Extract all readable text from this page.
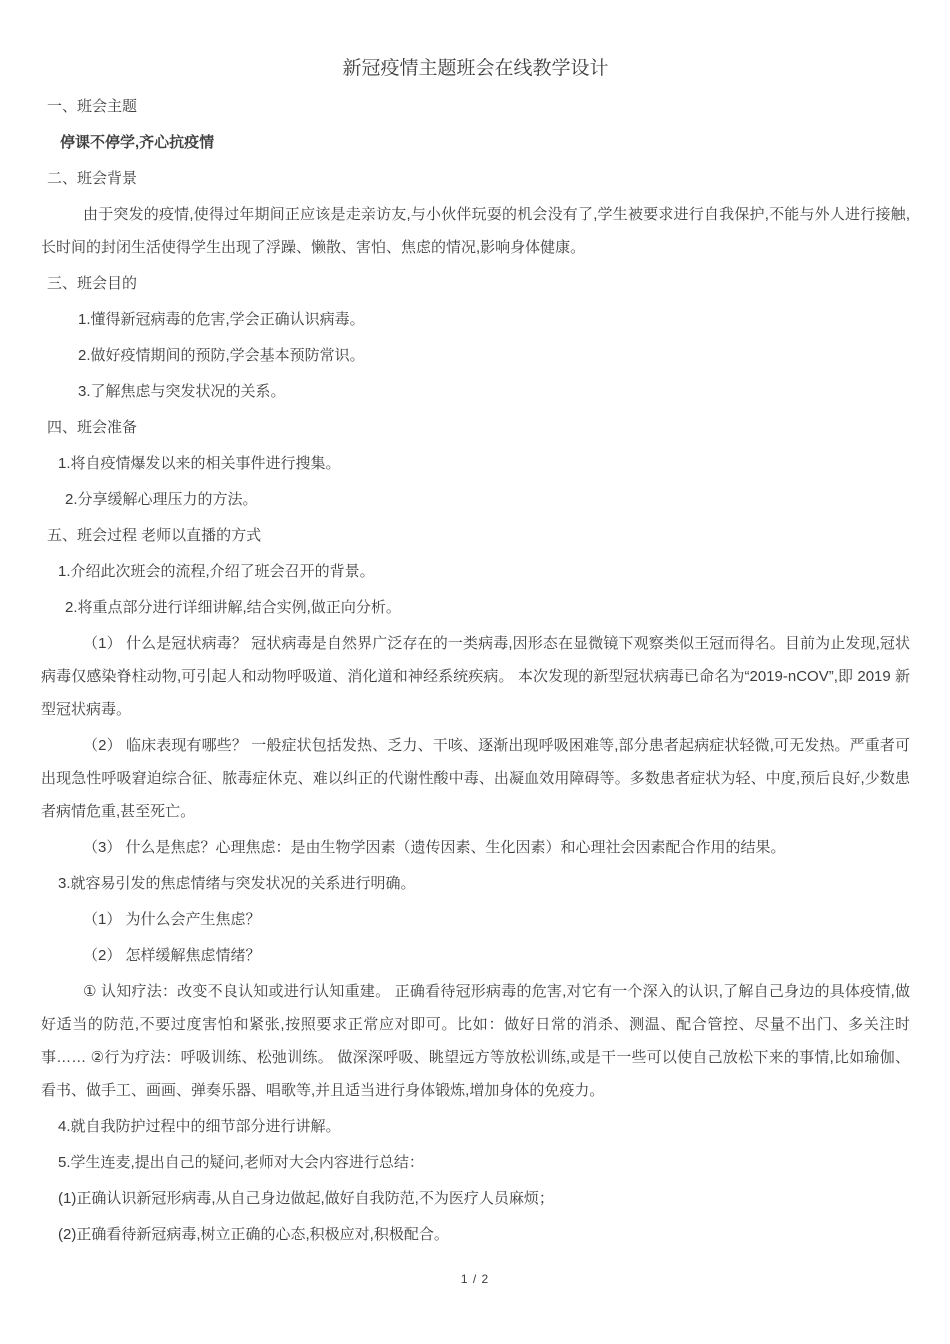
新冠疫情主题班会在线教学设计

一、班会主题

停课不停学,齐心抗疫情

二、班会背景

由于突发的疫情,使得过年期间正应该是走亲访友,与小伙伴玩耍的机会没有了,学生被要求进行自我保护,不能与外人进行接触,长时间的封闭生活使得学生出现了浮躁、懒散、害怕、焦虑的情况,影响身体健康。

三、班会目的

1.懂得新冠病毒的危害,学会正确认识病毒。

2.做好疫情期间的预防,学会基本预防常识。

3.了解焦虑与突发状况的关系。

四、班会准备

1.将自疫情爆发以来的相关事件进行搜集。

2.分享缓解心理压力的方法。

五、班会过程 老师以直播的方式

1.介绍此次班会的流程,介绍了班会召开的背景。

2.将重点部分进行详细讲解,结合实例,做正向分析。

（1） 什么是冠状病毒？ 冠状病毒是自然界广泛存在的一类病毒,因形态在显微镜下观察类似王冠而得名。目前为止发现,冠状病毒仅感染脊柱动物,可引起人和动物呼吸道、消化道和神经系统疾病。 本次发现的新型冠状病毒已命名为“2019-nCOV”,即 2019 新型冠状病毒。

（2） 临床表现有哪些？ 一般症状包括发热、乏力、干咳、逐渐出现呼吸困难等,部分患者起病症状轻微,可无发热。严重者可出现急性呼吸窘迫综合征、脓毒症休克、难以纠正的代谢性酸中毒、出凝血效用障碍等。多数患者症状为轻、中度,预后良好,少数患者病情危重,甚至死亡。

（3） 什么是焦虑？心理焦虑：是由生物学因素（遗传因素、生化因素）和心理社会因素配合作用的结果。

3.就容易引发的焦虑情绪与突发状况的关系进行明确。

（1） 为什么会产生焦虑？

（2） 怎样缓解焦虑情绪？

① 认知疗法：改变不良认知或进行认知重建。 正确看待冠形病毒的危害,对它有一个深入的认识,了解自己身边的具体疫情,做好适当的防范,不要过度害怕和紧张,按照要求正常应对即可。比如：做好日常的消杀、测温、配合管控、尽量不出门、多关注时事…… ②行为疗法：呼吸训练、松弛训练。 做深深呼吸、眺望远方等放松训练,或是干一些可以使自己放松下来的事情,比如瑜伽、看书、做手工、画画、弹奏乐器、唱歌等,并且适当进行身体锻炼,增加身体的免疫力。

4.就自我防护过程中的细节部分进行讲解。

5.学生连麦,提出自己的疑问,老师对大会内容进行总结：

(1)正确认识新冠形病毒,从自己身边做起,做好自我防范,不为医疗人员麻烦；

(2)正确看待新冠病毒,树立正确的心态,积极应对,积极配合。

1 / 2
